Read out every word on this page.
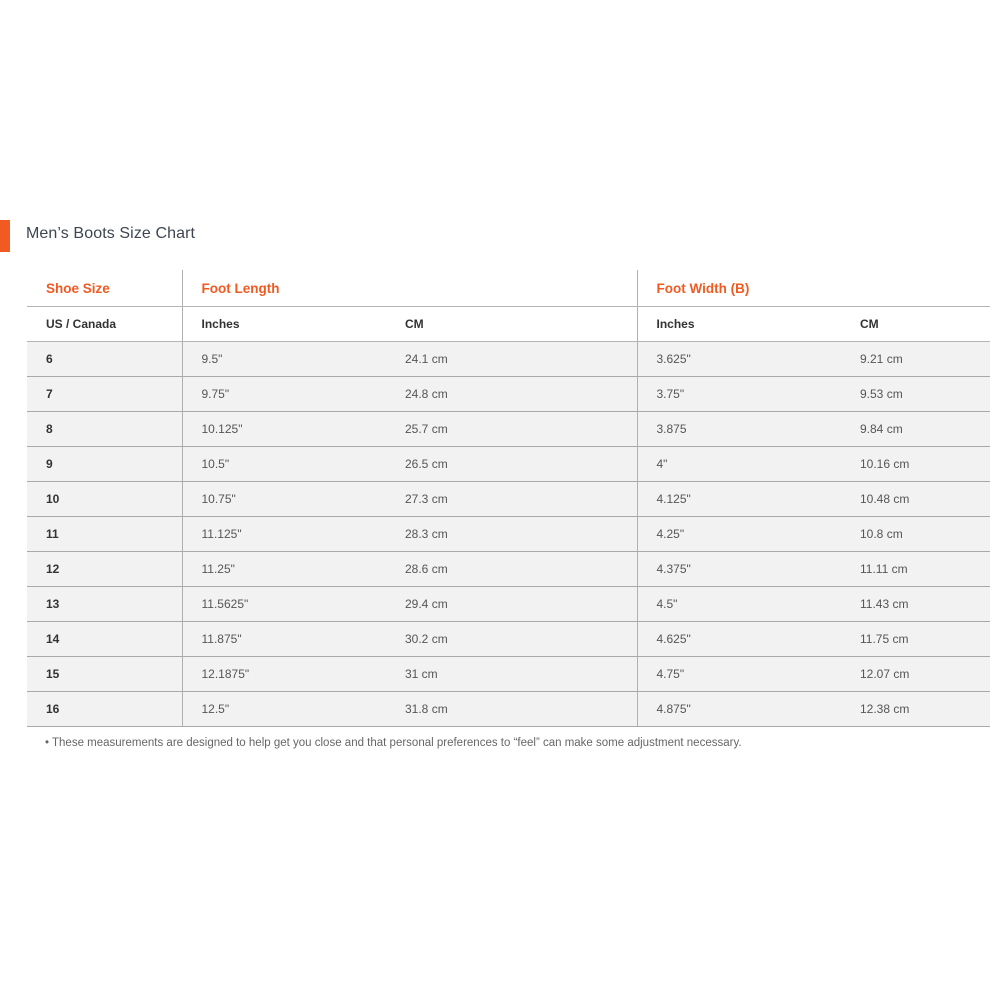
Men’s Boots Size Chart
Shoe Size	Foot Length		Foot Width (B)	
US / Canada	Inches	CM	Inches	CM
6	9.5"	24.1 cm	3.625"	9.21 cm
7	9.75"	24.8 cm	3.75"	9.53 cm
8	10.125"	25.7 cm	3.875	9.84 cm
9	10.5"	26.5 cm	4"	10.16 cm
10	10.75"	27.3 cm	4.125"	10.48 cm
11	11.125"	28.3 cm	4.25"	10.8 cm
12	11.25"	28.6 cm	4.375"	11.11 cm
13	11.5625"	29.4 cm	4.5"	11.43 cm
14	11.875"	30.2 cm	4.625"	11.75 cm
15	12.1875"	31 cm	4.75"	12.07 cm
16	12.5"	31.8 cm	4.875"	12.38 cm
• These measurements are designed to help get you close and that personal preferences to “feel” can make some adjustment necessary.
